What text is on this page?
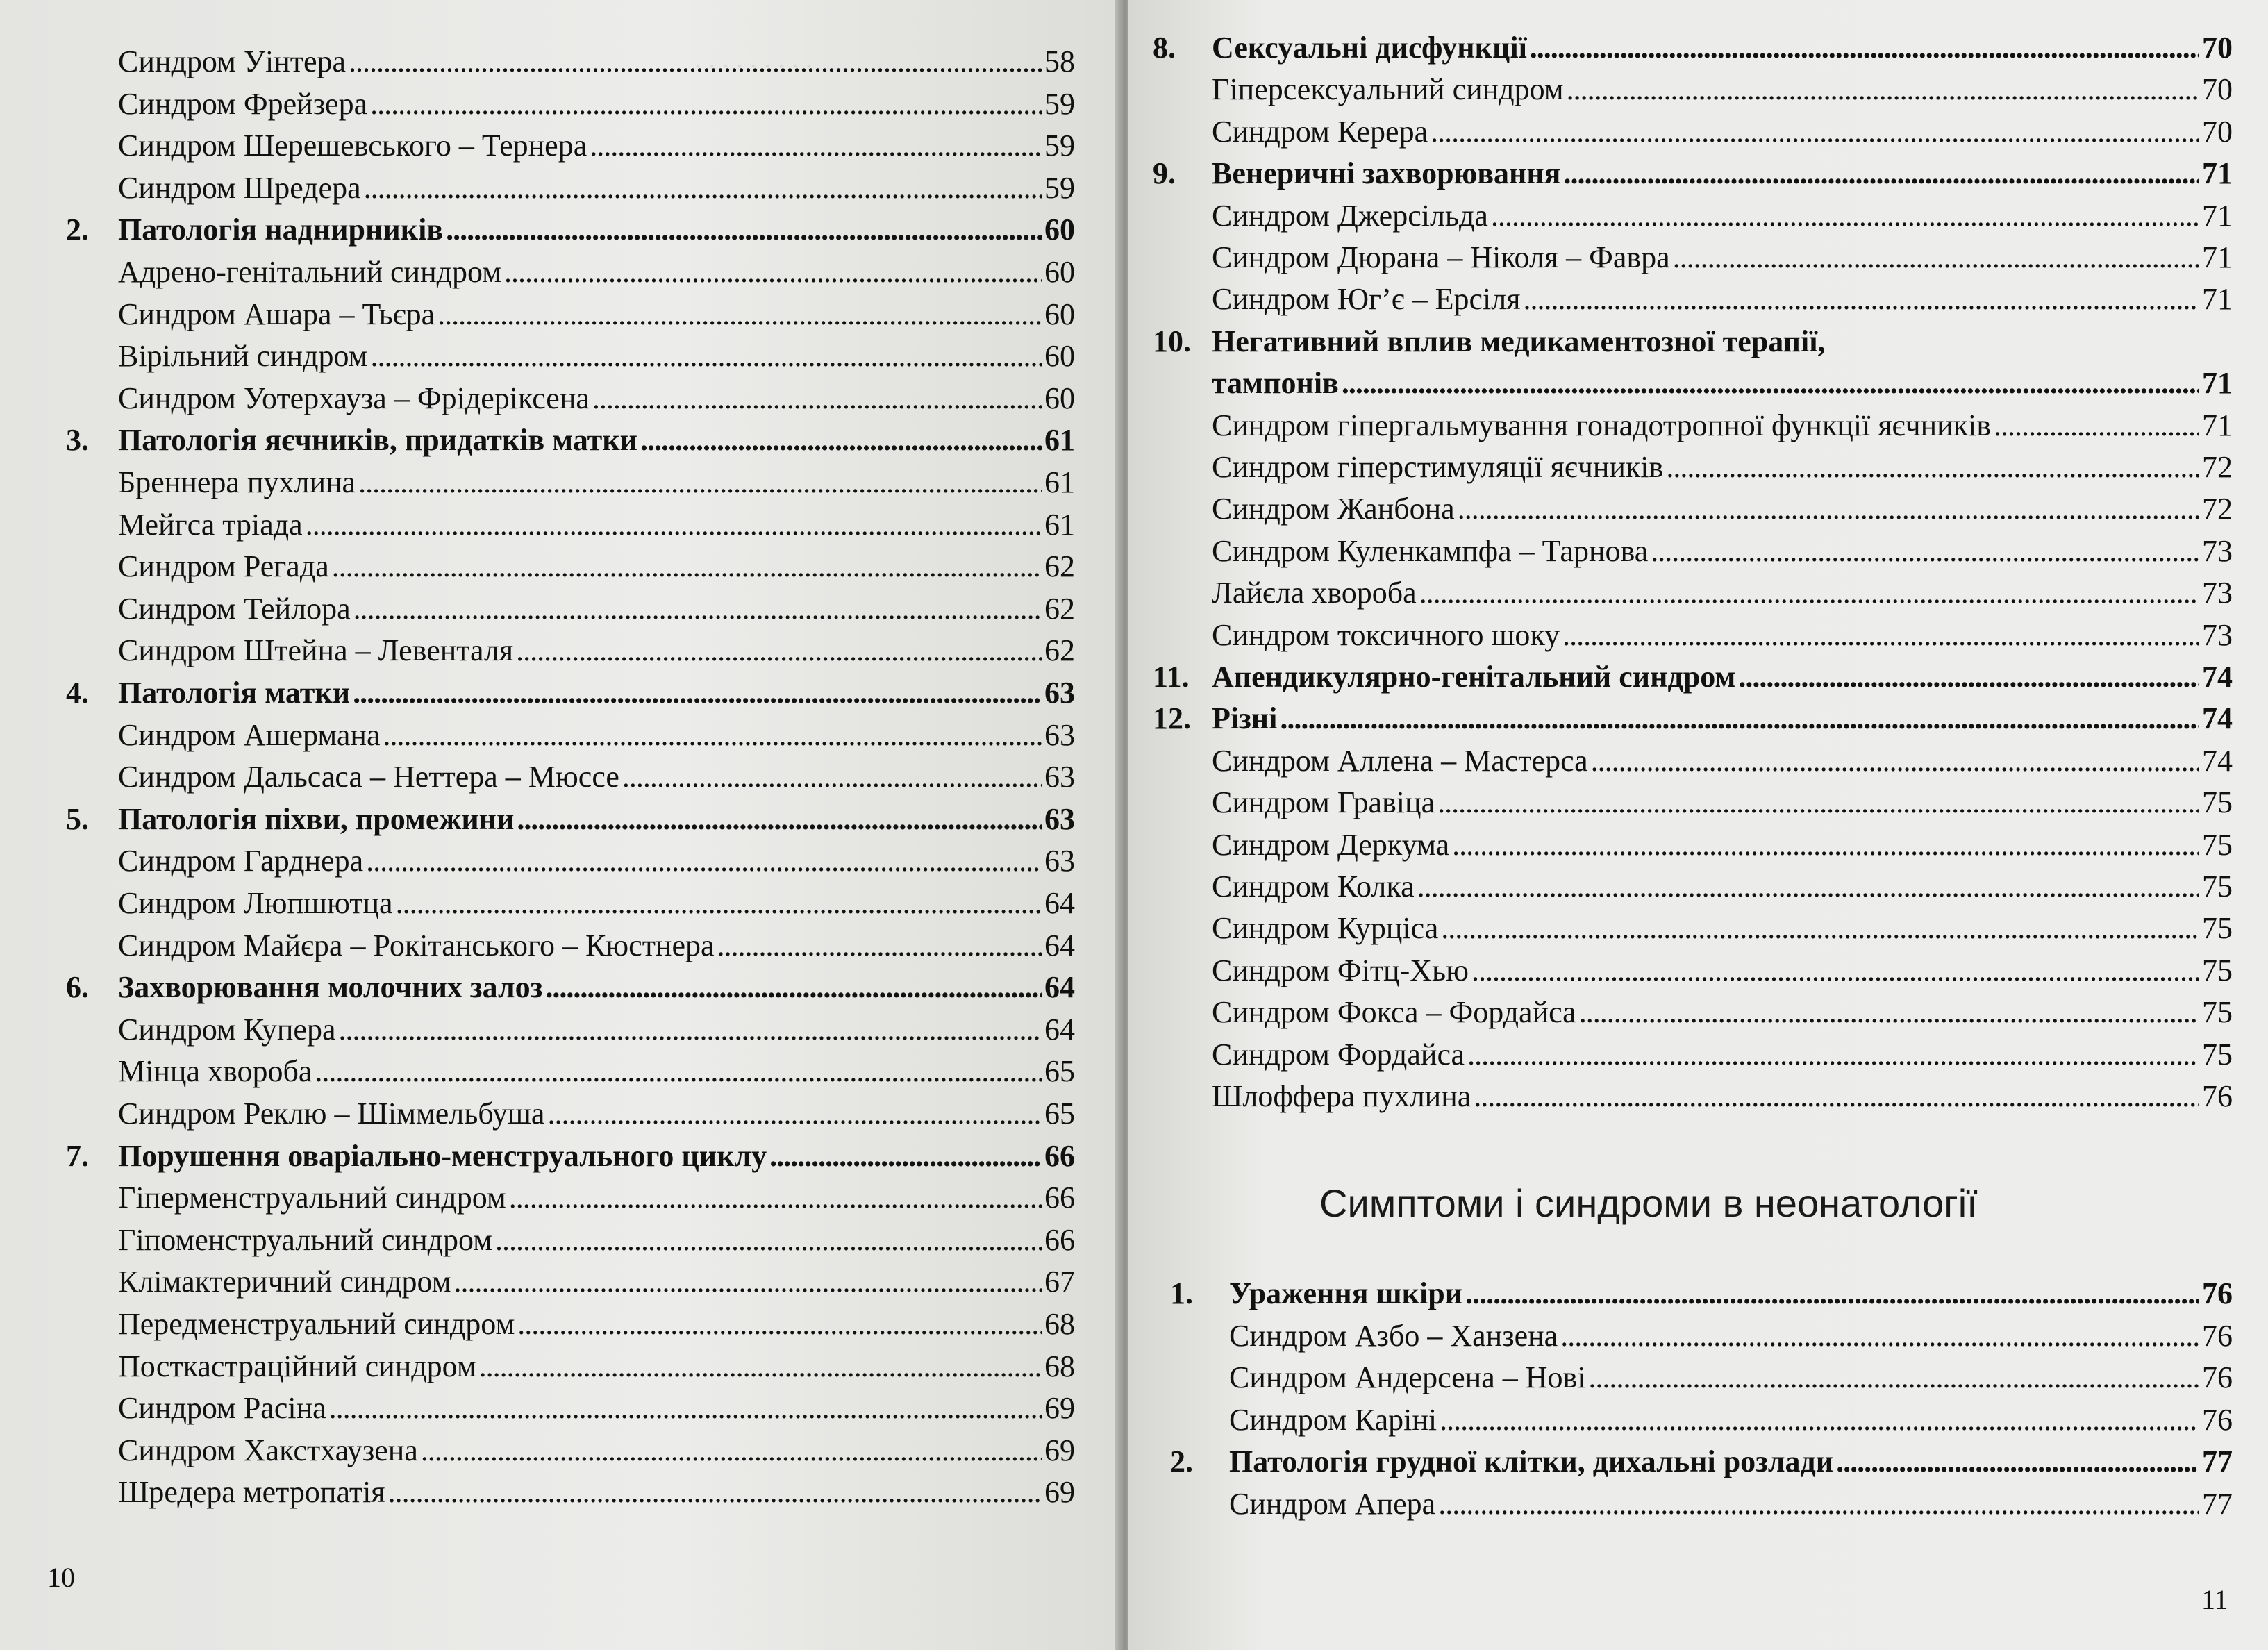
. . . . . . . . .
Синдром Уінтера . . .	58
Синдром Фрейзера . . .	59
Синдром Шерешевського – Тернера . . .	59
Синдром Шредера . . .	59
2. Патологія наднирників . . .	60
Адрено-генітальний синдром . . .	60
Синдром Ашара – Тьєра . . .	60
Вірільний синдром . . .	60
Синдром Уотерхауза – Фрідеріксена . . .	60
3. Патологія яєчників, придатків матки . . .	61
Бреннера пухлина . . .	61
Мейгса тріада . . .	61
Синдром Регада . . .	62
Синдром Тейлора . . .	62
Синдром Штейна – Левенталя . . .	62
4. Патологія матки . . .	63
Синдром Ашермана . . .	63
Синдром Дальсаса – Неттера – Мюссе . . .	63
5. Патологія піхви, промежини . . .	63
Синдром Гарднера . . .	63
Синдром Люпшютца . . .	64
Синдром Майєра – Рокітанського – Кюстнера . . .	64
6. Захворювання молочних залоз . . .	64
Синдром Купера . . .	64
Мінца хвороба . . .	65
Синдром Реклю – Шіммельбуша . . .	65
7. Порушення оваріально-менструального циклу . . .	66
Гіперменструальний синдром . . .	66
Гіпоменструальний синдром . . .	66
Клімактеричний синдром . . .	67
Передменструальний синдром . . .	68
Посткастраційний синдром . . .	68
Синдром Расіна . . .	69
Синдром Хакстхаузена . . .	69
Шредера метропатія . . .	69
10
8.	Сексуальні дисфункції . . .	70
Гіперсексуальний синдром . . .	70
Синдром Керера . . .	70
9.	Венеричні захворювання . . .	71
Синдром Джерсільда . . .	71
Синдром Дюрана – Ніколя – Фавра . . .	71
Синдром Юг’є – Ерсіля . . .	71
10. Негативний вплив медикаментозної терапії,
тампонів . . .	71
Синдром гіпергальмування гонадотропної функції яєчників . . .	71
Синдром гіперстимуляції яєчників . . .	72
Синдром Жанбона . . .	72
Синдром Куленкампфа – Тарнова . . .	73
Лайєла хвороба . . .	73
Синдром токсичного шоку . . .	73
11. Апендикулярно-генітальний синдром . . .	74
12. Різні . . .	74
Синдром Аллена – Мастерса . . .	74
Синдром Гравіца . . .	75
Синдром Деркума . . .	75
Синдром Колка . . .	75
Синдром Курціса . . .	75
Синдром Фітц-Хью . . .	75
Синдром Фокса – Фордайса . . .	75
Синдром Фордайса . . .	75
Шлоффера пухлина . . .	76
1.	Ураження шкіри . . .	76
Синдром Азбо – Ханзена . . .	76
Синдром Андерсена – Нові . . .	76
Синдром Каріні . . .	76
2.	Патологія грудної клітки, дихальні розлади . . .	77
Синдром Апера . . .	77
11
Симптоми і синдроми в неонатології
